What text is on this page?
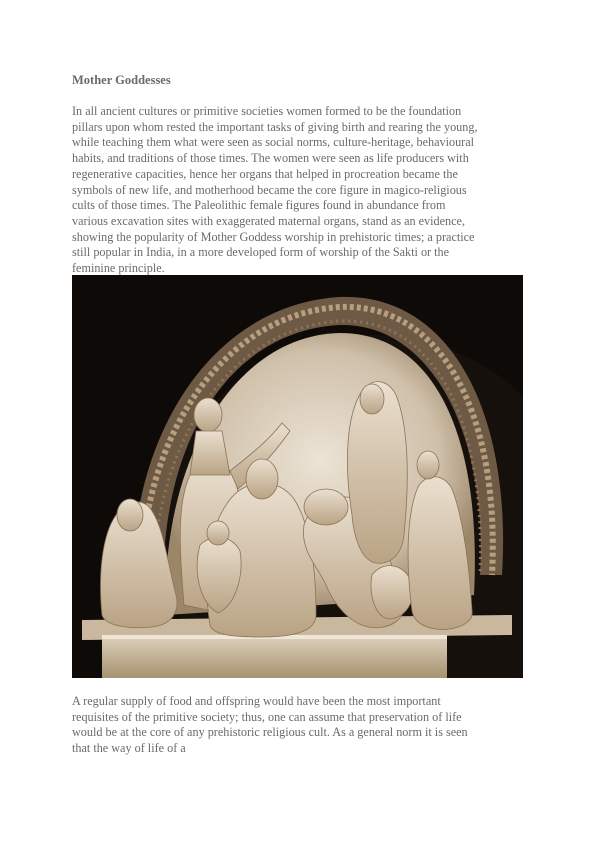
Mother Goddesses

In all ancient cultures or primitive societies women formed to be the foundation
pillars upon whom rested the important tasks of giving birth and rearing the young,
while teaching them what were seen as social norms, culture-heritage, behavioural
habits, and traditions of those times. The women were seen as life producers with
regenerative capacities, hence her organs that helped in procreation became the
symbols of new life, and motherhood became the core figure in magico-religious
cults of those times. The Paleolithic female figures found in abundance from
various excavation sites with exaggerated maternal organs, stand as an evidence,
showing the popularity of Mother Goddess worship in prehistoric times; a practice
still popular in India, in a more developed form of worship of the Sakti or the
feminine principle.

A regular supply of food and offspring would have been the most important
requisites of the primitive society; thus, one can assume that preservation of life
would be at the core of any prehistoric religious cult. As a general norm it is seen
that the way of life of a
